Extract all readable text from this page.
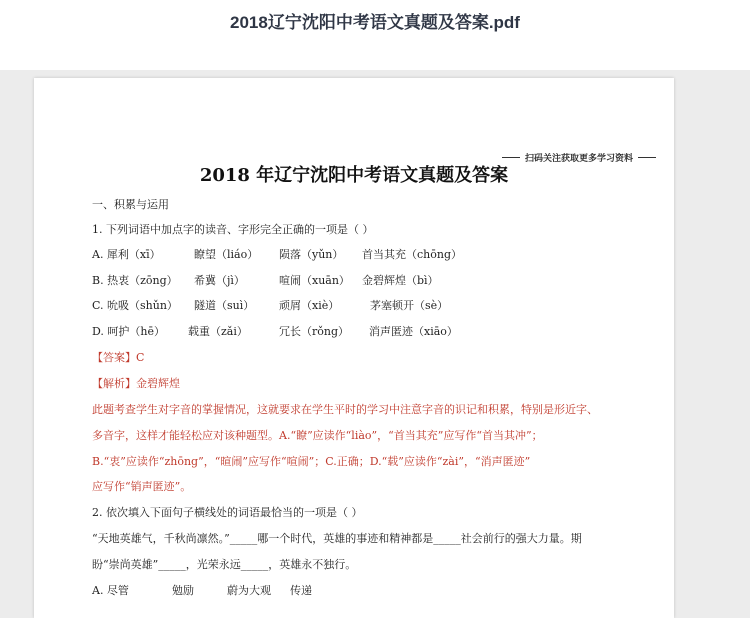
2018辽宁沈阳中考语文真题及答案.pdf
扫码关注获取更多学习资料
2018 年辽宁沈阳中考语文真题及答案
一、积累与运用
1. 下列词语中加点字的读音、字形完全正确的一项是（ ）
A. 犀利（xī）	瞭望（liáo） 陨落（yǔn） 首当其充（chōng）
B. 热衷（zōng） 希冀（jì）	喧闹（xuān） 金碧辉煌（bì）
C. 吮吸（shǔn） 隧道（suì） 顽屑（xiè）	茅塞顿开（sè）
D. 呵护（hē） 载重（zǎi）	冗长（rǒng） 消声匿迹（xiāo）
【答案】C
【解析】金碧辉煌
此题考查学生对字音的掌握情况，这就要求在学生平时的学习中注意字音的识记和积累，特别是形近字、
多音字，这样才能轻松应对该种题型。A.“瞭”应读作“liào”，“首当其充”应写作“首当其冲”；
B.“衷”应读作“zhōng”，“暄闹”应写作“喧闹”；C.正确；D.“载”应读作“zài”，“消声匿迹”
应写作“销声匿迹”。
2. 依次填入下面句子横线处的词语最恰当的一项是（ ）
“天地英雄气，千秋尚凛然。”_____哪一个时代，英雄的事迹和精神都是_____社会前行的强大力量。期
盼“崇尚英雄”_____，光荣永远_____，英雄永不独行。
A. 尽管	勉励	蔚为大观 传递
